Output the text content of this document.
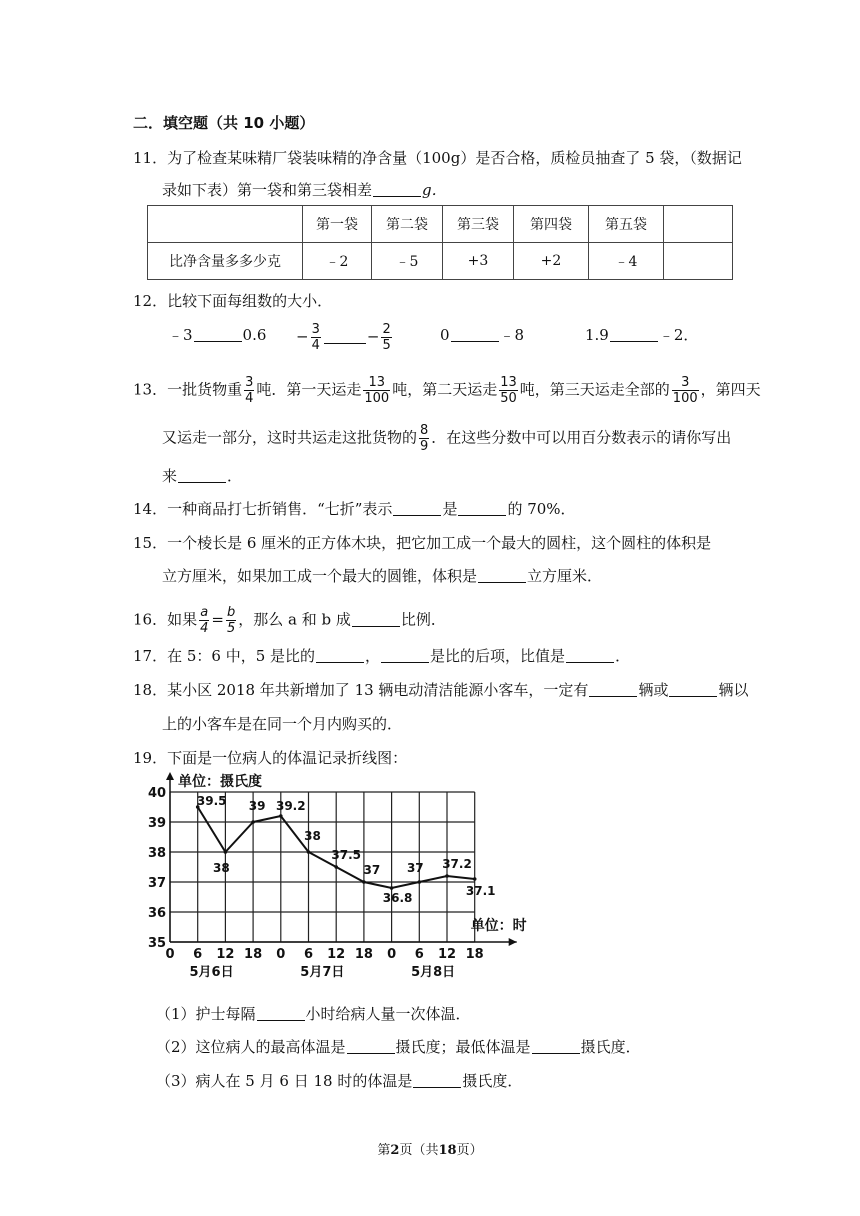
二．填空题（共 10 小题）
11．为了检查某味精厂袋装味精的净含量（100g）是否合格，质检员抽查了 5 袋，（数据记
录如下表）第一袋和第三袋相差	g．
	第一袋	第二袋	第三袋	第四袋	第五袋	
比净含量多多少克	﹣2	﹣5	+3	+2	﹣4	
12．比较下面每组数的大小．
﹣3	$0.6 - \frac{3}{4}$	− $\frac{2}{5}$	0	﹣8	1.9	﹣2．
13．一批货物重 $\frac{3}{4}$ 吨．第一天运走 $\frac{13}{100}$ 吨，第二天运走 $\frac{13}{50}$ 吨，第三天运走全部的 $\frac{3}{100}$ ，第四天
又运走一部分，这时共运走这批货物的 $\frac{8}{9}$ ．在这些分数中可以用百分数表示的请你写出
来	．
14．一种商品打七折销售．“七折”表示	是	的 70%．
15．一个棱长是 6 厘米的正方体木块，把它加工成一个最大的圆柱，这个圆柱的体积是
立方厘米，如果加工成一个最大的圆锥，体积是	立方厘米．
16．如果 $\frac{a}{4} = \frac{b}{5}$ ，那么 a 和 b 成	比例．
17．在 5：6 中，5 是比的	，	是比的后项，比值是	．
18．某小区 2018 年共新增加了 13 辆电动清洁能源小客车，一定有	辆或	辆以
上的小客车是在同一个月内购买的．
19．下面是一位病人的体温记录折线图：
单位：摄氏度
单位：时
35
36
37
38
39
40
0 6 12 18 0 6 12 18 0 6 12 18
5月6日	5月7日	5月8日
39.5
38
39 39.2
38
37.5
37
36.8
37 37.2
37.1
（1）护士每隔	小时给病人量一次体温．
（2）这位病人的最高体温是	摄氏度；最低体温是	摄氏度．
（3）病人在 5 月 6 日 18 时的体温是	摄氏度．
第2页（共18页）
